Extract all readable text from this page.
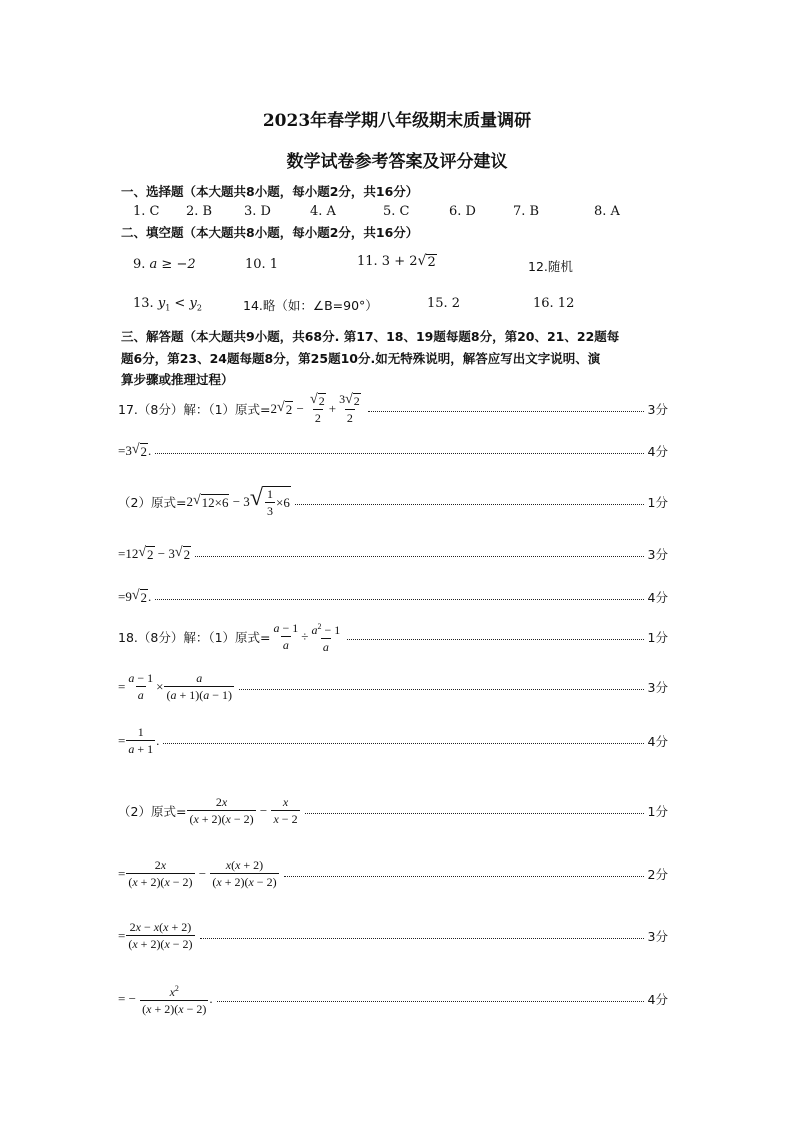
2023年春学期八年级期末质量调研
数学试卷参考答案及评分建议
一、选择题（本大题共8小题，每小题2分，共16分）
1. C 2. B 3. D	4. A	5. C	6. D	7. B	8. A
二、填空题（本大题共8小题，每小题2分，共16分）
9. a ≥ −2	10. 1	11. 3 + 2 √ 2	12.随机
13. $y_1 < y_2$	14.略（如：∠B=90°）	15. 2	16. 12
三、解答题（本大题共9小题，共68分. 第17、18、19题每题8分，第20、21、22题每
题6分，第23、24题每题8分，第25题10分.如无特殊说明，解答应写出文字说明、演
算步骤或推理过程）
17.（8分）解：（1）原式= 2 √ $2 - \frac{√ 2}{2} + \frac{3 √ 2}{2}$	3分
=3 √ 2 .	4分
（2）原式= 2 √ 12×6 − 3 √ $\frac{1}{3} \times 6$	1分
=12 √ 2 − 3 √ 2	3分
=9 √ 2 .	4分
18.（8分）解：（1）原式= $\frac{a - 1}{a} \div \frac{a^2 - 1}{a}$	1分
= $\frac{a - 1}{a} \times \frac{a}{(a + 1)(a - 1)}$	3分
= $\frac{1}{a + 1}$ .	4分
（2）原式= $\frac{2x}{(x + 2)(x - 2)} - \frac{x}{x - 2}$	1分
= $\frac{2x}{(x + 2)(x - 2)} - \frac{x(x + 2)}{(x + 2)(x - 2)}$	2分
= $\frac{2x - x(x + 2)}{(x + 2)(x - 2)}$	3分
= − $\frac{x^2}{(x + 2)(x - 2)}$ .	4分
